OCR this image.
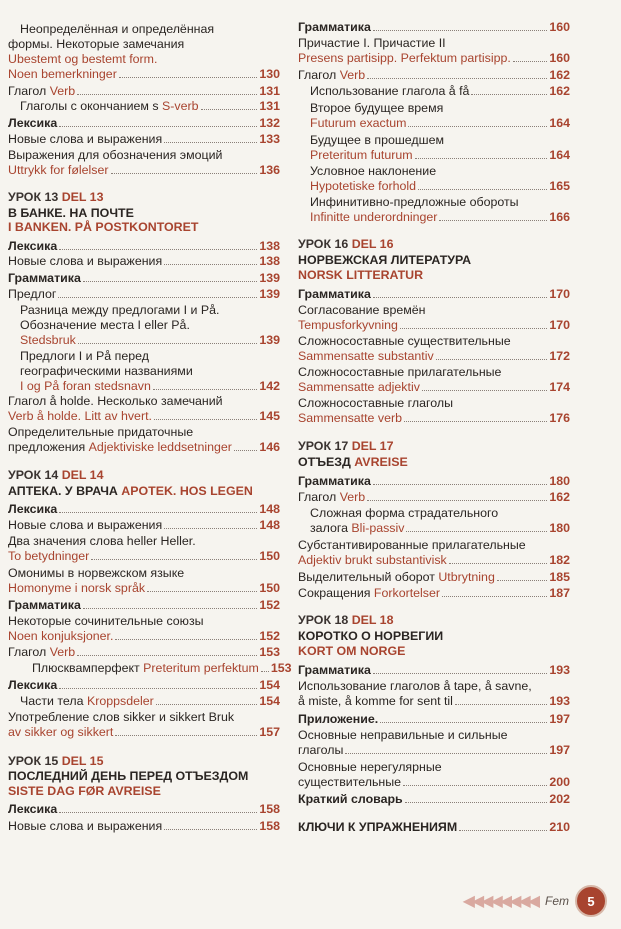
Неопределённая и определённая
формы. Некоторые замечания
Ubestemt og bestemt form.
Noen bemerkninger	130
Глагол Verb	131
Глаголы с окончанием s S-verb	131
Лексика	132
Новые слова и выражения	133
Выражения для обозначения эмоций
Uttrykk for følelser	136
УРОК 13 DEL 13
В БАНКЕ. НА ПОЧТЕ
I BANKEN. PÅ POSTKONTORET
Лексика	138
Новые слова и выражения	138
Грамматика	139
Предлог	139
Разница между предлогами I и På.
Обозначение места I eller På.
Stedsbruk	139
Предлоги I и På перед
географическими названиями
I og På foran stedsnavn	142
Глагол å holde. Несколько замечаний
Verb å holde. Litt av hvert.	145
Определительные придаточные
предложения Adjektiviske leddsetninger 146
УРОК 14 DEL 14
АПТЕКА. У ВРАЧА APOTEK. HOS LEGEN
Лексика	148
Новые слова и выражения	148
Два значения слова heller Heller.
To betydninger	150
Омонимы в норвежском языке
Homonyme i norsk språk	150
Грамматика	152
Некоторые сочинительные союзы
Noen konjuksjoner.	152
Глагол Verb	153
Плюсквамперфект Preteritum perfektum 153
Лексика	154
Части тела Kroppsdeler	154
Употребление слов sikker и sikkert Bruk
av sikker og sikkert	157
УРОК 15 DEL 15
ПОСЛЕДНИЙ ДЕНЬ ПЕРЕД ОТЪЕЗДОМ
SISTE DAG FØR AVREISE
Лексика	158
Новые слова и выражения	158
Грамматика	160
Причастие I. Причастие II
Presens partisipp. Perfektum partisipp.	160
Глагол Verb	162
Использование глагола å få	162
Второе будущее время
Futurum exactum	164
Будущее в прошедшем
Preteritum futurum	164
Условное наклонение
Hypotetiske forhold	165
Инфинитивно-предложные обороты
Infinitte underordninger	166
УРОК 16 DEL 16
НОРВЕЖСКАЯ ЛИТЕРАТУРА
NORSK LITTERATUR
Грамматика	170
Согласование времён
Tempusforkyvning	170
Сложносоставные существительные
Sammensatte substantiv	172
Сложносоставные прилагательные
Sammensatte adjektiv	174
Сложносоставные глаголы
Sammensatte verb	176
УРОК 17 DEL 17
ОТЪЕЗД AVREISE
Грамматика	180
Глагол Verb	162
Сложная форма страдательного
залога Bli-passiv	180
Субстантивированные прилагательные
Adjektiv brukt substantivisk	182
Выделительный оборот Utbrytning	185
Сокращения Forkortelser	187
УРОК 18 DEL 18
КОРОТКО О НОРВЕГИИ
KORT OM NORGE
Грамматика	193
Использование глаголов å tape, å savne,
å miste, å komme for sent til	193
Приложение.	197
Основные неправильные и сильные
глаголы	197
Основные нерегулярные
существительные	200
Краткий словарь	202
КЛЮЧИ К УПРАЖНЕНИЯМ	210
◀◀◀◀◀◀◀◀ Fem	5
